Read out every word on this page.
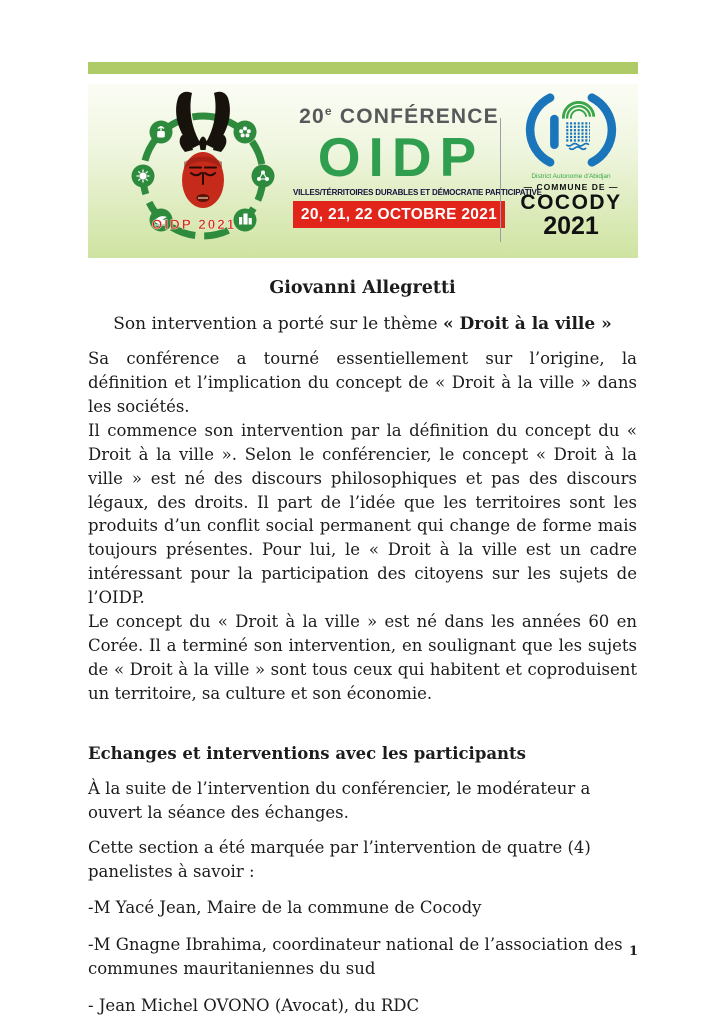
OIDP 2021
20e CONFÉRENCE
OIDP
VILLES/TÉRRITOIRES DURABLES ET DÉMOCRATIE PARTICIPATIVE
20, 21, 22 OCTOBRE 2021
District Autonome d'Abidjan
— COMMUNE DE —
COCODY
2021
Giovanni Allegretti
Son intervention a porté sur le thème « Droit à la ville »

Sa conférence a tourné essentiellement sur l’origine, la définition et l’implication du concept de « Droit à la ville » dans les sociétés.

Il commence son intervention par la définition du concept du « Droit à la ville ». Selon le conférencier, le concept « Droit à la ville » est né des discours philosophiques et pas des discours légaux, des droits. Il part de l’idée que les territoires sont les produits d’un conflit social permanent qui change de forme mais toujours présentes. Pour lui, le « Droit à la ville est un cadre intéressant pour la participation des citoyens sur les sujets de l’OIDP.

Le concept du « Droit à la ville » est né dans les années 60 en Corée. Il a terminé son intervention, en soulignant que les sujets de « Droit à la ville » sont tous ceux qui habitent et coproduisent un territoire, sa culture et son économie.

Echanges et interventions avec les participants

À la suite de l’intervention du conférencier, le modérateur a ouvert la séance des échanges.

Cette section a été marquée par l’intervention de quatre (4) panelistes à savoir :

-M Yacé Jean, Maire de la commune de Cocody

-M Gnagne Ibrahima, coordinateur national de l’association des communes mauritaniennes du sud

- Jean Michel OVONO (Avocat), du RDC

1
